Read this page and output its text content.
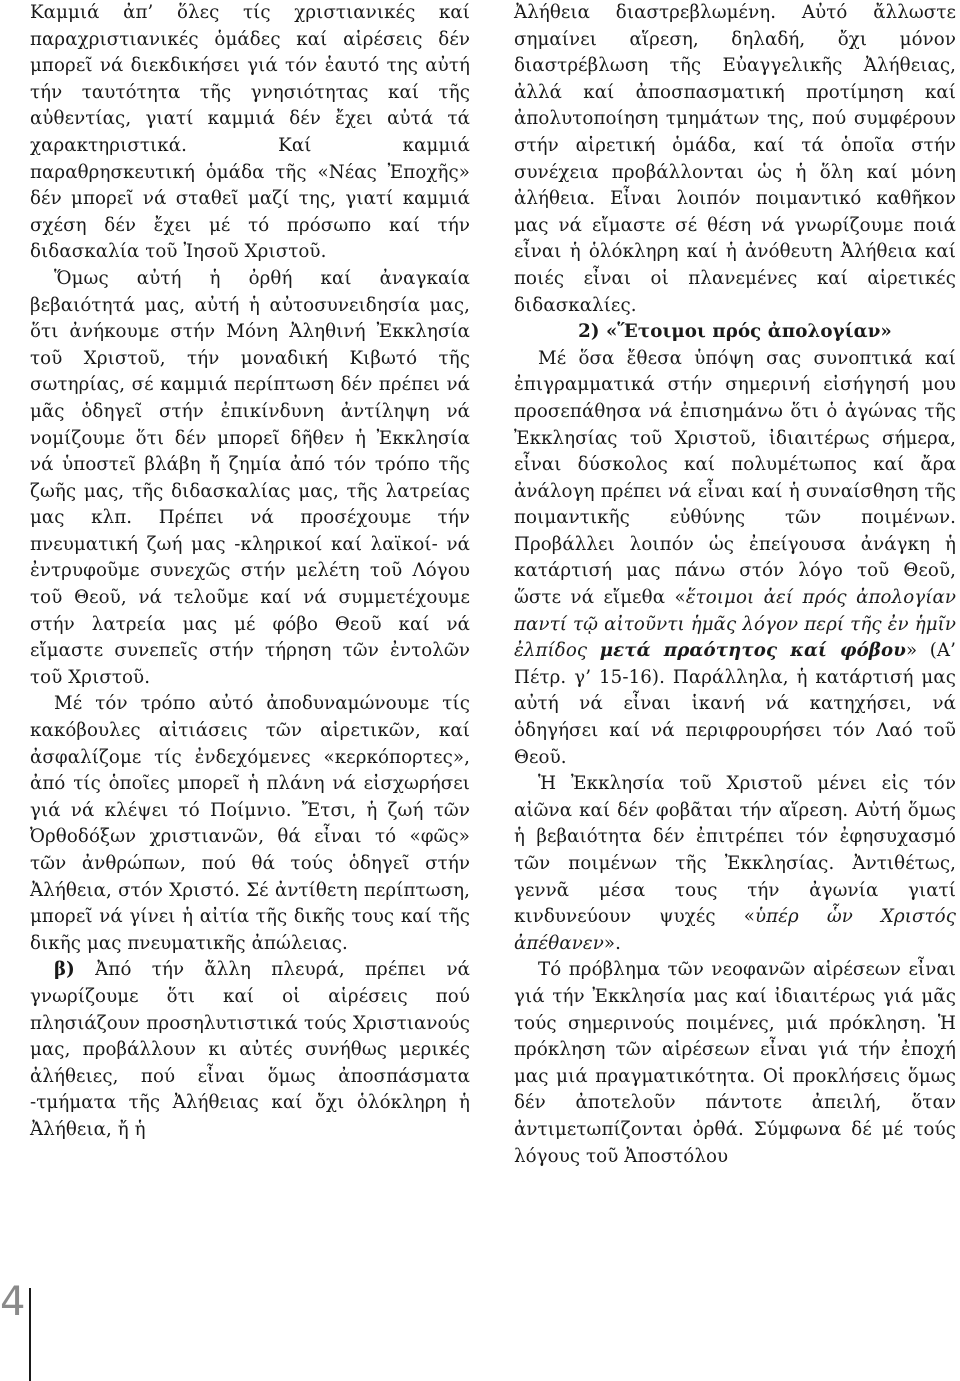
Καμμιά ἀπ’ ὅλες τίς χριστιανικές καί παραχριστιανικές ὁμάδες καί αἱρέσεις δέν μπορεῖ νά διεκδικήσει γιά τόν ἑαυτό της αὐτή τήν ταυτότητα τῆς γνησιότητας καί τῆς αὐθεντίας, γιατί καμμιά δέν ἔχει αὐτά τά χαρακτηριστικά. Καί καμμιά παραθρησκευτική ὁμάδα τῆς «Νέας Ἐποχῆς» δέν μπορεῖ νά σταθεῖ μαζί της, γιατί καμμιά σχέση δέν ἔχει μέ τό πρόσωπο καί τήν διδασκαλία τοῦ Ἰησοῦ Χριστοῦ.

Ὅμως αὐτή ἡ ὀρθή καί ἀναγκαία βεβαιότητά μας, αὐτή ἡ αὐτοσυνειδησία μας, ὅτι ἀνήκουμε στήν Μόνη Ἀληθινή Ἐκκλησία τοῦ Χριστοῦ, τήν μοναδική Κιβωτό τῆς σωτηρίας, σέ καμμιά περίπτωση δέν πρέπει νά μᾶς ὁδηγεῖ στήν ἐπικίνδυνη ἀντίληψη νά νομίζουμε ὅτι δέν μπορεῖ δῆθεν ἡ Ἐκκλησία νά ὑποστεῖ βλάβη ἤ ζημία ἀπό τόν τρόπο τῆς ζωῆς μας, τῆς διδασκαλίας μας, τῆς λατρείας μας κλπ. Πρέπει νά προσέχουμε τήν πνευματική ζωή μας -κληρικοί καί λαϊκοί- νά ἐντρυφοῦμε συνεχῶς στήν μελέτη τοῦ Λόγου τοῦ Θεοῦ, νά τελοῦμε καί νά συμμετέχουμε στήν λατρεία μας μέ φόβο Θεοῦ καί νά εἴμαστε συνεπεῖς στήν τήρηση τῶν ἐντολῶν τοῦ Χριστοῦ.

Μέ τόν τρόπο αὐτό ἀποδυναμώνουμε τίς κακόβουλες αἰτιάσεις τῶν αἱρετικῶν, καί ἀσφαλίζομε τίς ἐνδεχόμενες «κερκόπορτες», ἀπό τίς ὁποῖες μπορεῖ ἡ πλάνη νά εἰσχωρήσει γιά νά κλέψει τό Ποίμνιο. Ἔτσι, ἡ ζωή τῶν Ὀρθοδόξων χριστιανῶν, θά εἶναι τό «φῶς» τῶν ἀνθρώπων, πού θά τούς ὁδηγεῖ στήν Ἀλήθεια, στόν Χριστό. Σέ ἀντίθετη περίπτωση, μπορεῖ νά γίνει ἡ αἰτία τῆς δικῆς τους καί τῆς δικῆς μας πνευματικῆς ἀπώλειας.

β) Ἀπό τήν ἄλλη πλευρά, πρέπει νά γνωρίζουμε ὅτι καί οἱ αἱρέσεις πού πλησιάζουν προσηλυτιστικά τούς Χριστιανούς μας, προβάλλουν κι αὐτές συνήθως μερικές ἀλήθειες, πού εἶναι ὅμως ἀποσπάσματα -τμήματα τῆς Ἀλήθειας καί ὄχι ὁλόκληρη ἡ Ἀλήθεια, ἤ ἡ

Ἀλήθεια διαστρεβλωμένη. Αὐτό ἄλλωστε σημαίνει αἵρεση, δηλαδή, ὄχι μόνον διαστρέβλωση τῆς Εὐαγγελικῆς Ἀλήθειας, ἀλλά καί ἀποσπασματική προτίμηση καί ἀπολυτοποίηση τμημάτων της, πού συμφέρουν στήν αἱρετική ὁμάδα, καί τά ὁποῖα στήν συνέχεια προβάλλονται ὡς ἡ ὅλη καί μόνη ἀλήθεια. Εἶναι λοιπόν ποιμαντικό καθῆκον μας νά εἴμαστε σέ θέση νά γνωρίζουμε ποιά εἶναι ἡ ὁλόκληρη καί ἡ ἀνόθευτη Ἀλήθεια καί ποιές εἶναι οἱ πλανεμένες καί αἱρετικές διδασκαλίες.

2) «Ἕτοιμοι πρός ἀπολογίαν»

Μέ ὅσα ἔθεσα ὑπόψη σας συνοπτικά καί ἐπιγραμματικά στήν σημερινή εἰσήγησή μου προσεπάθησα νά ἐπισημάνω ὅτι ὁ ἀγώνας τῆς Ἐκκλησίας τοῦ Χριστοῦ, ἰδιαιτέρως σήμερα, εἶναι δύσκολος καί πολυμέτωπος καί ἄρα ἀνάλογη πρέπει νά εἶναι καί ἡ συναίσθηση τῆς ποιμαντικῆς εὐθύνης τῶν ποιμένων. Προβάλλει λοιπόν ὡς ἐπείγουσα ἀνάγκη ἡ κατάρτισή μας πάνω στόν λόγο τοῦ Θεοῦ, ὥστε νά εἴμεθα «ἕτοιμοι ἀεί πρός ἀπολογίαν παντί τῷ αἰτοῦντι ἡμᾶς λόγον περί τῆς ἐν ἡμῖν ἐλπίδος μετά πραότητος καί φόβου» (Α’ Πέτρ. γ’ 15-16). Παράλληλα, ἡ κατάρτισή μας αὐτή νά εἶναι ἱκανή νά κατηχήσει, νά ὁδηγήσει καί νά περιφρουρήσει τόν Λαό τοῦ Θεοῦ.

Ἡ Ἐκκλησία τοῦ Χριστοῦ μένει εἰς τόν αἰῶνα καί δέν φοβᾶται τήν αἵρεση. Αὐτή ὅμως ἡ βεβαιότητα δέν ἐπιτρέπει τόν ἐφησυχασμό τῶν ποιμένων τῆς Ἐκκλησίας. Ἀντιθέτως, γεννᾶ μέσα τους τήν ἀγωνία γιατί κινδυνεύουν ψυχές «ὑπέρ ὧν Χριστός ἀπέθανεν».

Τό πρόβλημα τῶν νεοφανῶν αἱρέσεων εἶναι γιά τήν Ἐκκλησία μας καί ἰδιαιτέρως γιά μᾶς τούς σημερινούς ποιμένες, μιά πρόκληση. Ἡ πρόκληση τῶν αἱρέσεων εἶναι γιά τήν ἐποχή μας μιά πραγματικότητα. Οἱ προκλήσεις ὅμως δέν ἀποτελοῦν πάντοτε ἀπειλή, ὅταν ἀντιμετωπίζονται ὀρθά. Σύμφωνα δέ μέ τούς λόγους τοῦ Ἀποστόλου

4
